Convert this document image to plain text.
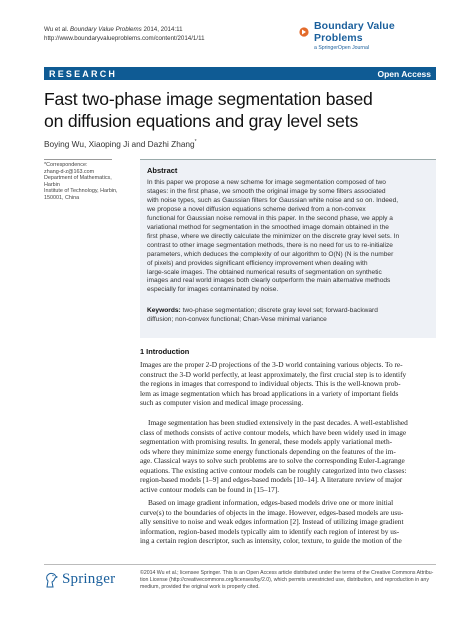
Wu et al. Boundary Value Problems 2014, 2014:11
http://www.boundaryvalueproblems.com/content/2014/1/11
Boundary Value Problems
a SpringerOpen Journal
RESEARCH	Open Access
Fast two-phase image segmentation based
on diffusion equations and gray level sets
Boying Wu, Xiaoping Ji and Dazhi Zhang*
*Correspondence:
zhang-d-z@163.com
Department of Mathematics, Harbin
Institute of Technology, Harbin,
150001, China
Abstract
In this paper we propose a new scheme for image segmentation composed of two
stages: in the first phase, we smooth the original image by some filters associated
with noise types, such as Gaussian filters for Gaussian white noise and so on. Indeed,
we propose a novel diffusion equations scheme derived from a non-convex
functional for Gaussian noise removal in this paper. In the second phase, we apply a
variational method for segmentation in the smoothed image domain obtained in the
first phase, where we directly calculate the minimizer on the discrete gray level sets. In
contrast to other image segmentation methods, there is no need for us to re-initialize
parameters, which deduces the complexity of our algorithm to O(N) (N is the number
of pixels) and provides significant efficiency improvement when dealing with
large-scale images. The obtained numerical results of segmentation on synthetic
images and real world images both clearly outperform the main alternative methods
especially for images contaminated by noise.
Keywords: two-phase segmentation; discrete gray level set; forward-backward
diffusion; non-convex functional; Chan-Vese minimal variance
1 Introduction
Images are the proper 2-D projections of the 3-D world containing various objects. To re-
construct the 3-D world perfectly, at least approximately, the first crucial step is to identify
the regions in images that correspond to individual objects. This is the well-known prob-
lem as image segmentation which has broad applications in a variety of important fields
such as computer vision and medical image processing.
Image segmentation has been studied extensively in the past decades. A well-established
class of methods consists of active contour models, which have been widely used in image
segmentation with promising results. In general, these models apply variational meth-
ods where they minimize some energy functionals depending on the features of the im-
age. Classical ways to solve such problems are to solve the corresponding Euler-Lagrange
equations. The existing active contour models can be roughly categorized into two classes:
region-based models [1–9] and edges-based models [10–14]. A literature review of major
active contour models can be found in [15–17].
Based on image gradient information, edges-based models drive one or more initial
curve(s) to the boundaries of objects in the image. However, edges-based models are usu-
ally sensitive to noise and weak edges information [2]. Instead of utilizing image gradient
information, region-based models typically aim to identify each region of interest by us-
ing a certain region descriptor, such as intensity, color, texture, to guide the motion of the
Springer	©2014 Wu et al.; licensee Springer. This is an Open Access article distributed under the terms of the Creative Commons Attribu-
tion License (http://creativecommons.org/licenses/by/2.0), which permits unrestricted use, distribution, and reproduction in any
medium, provided the original work is properly cited.
